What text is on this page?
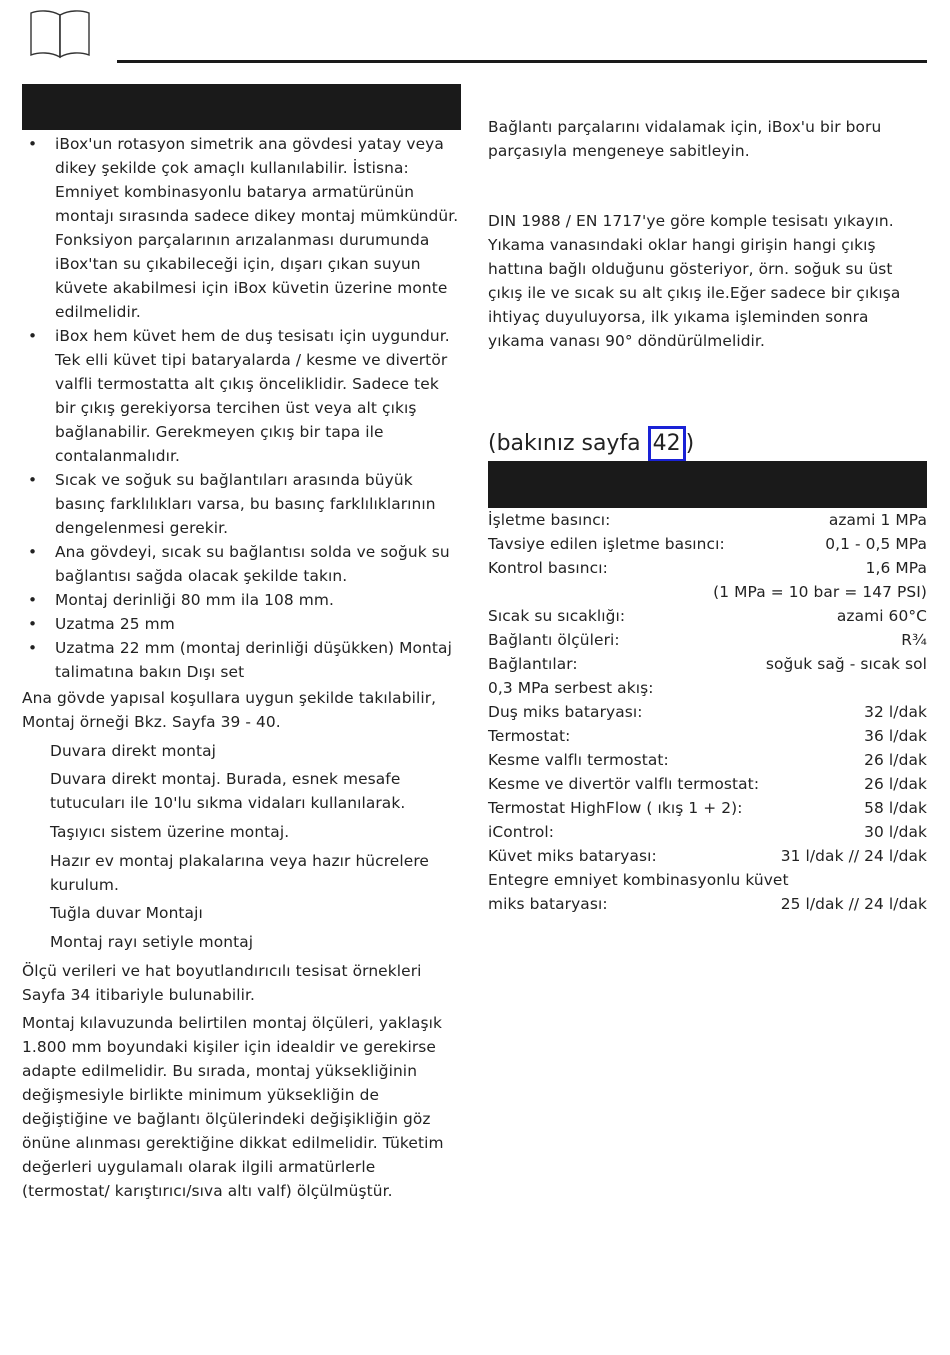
• iBox'un rotasyon simetrik ana gövdesi yatay veya dikey şekilde çok amaçlı kullanılabilir. İstisna: Emniyet kombinasyonlu batarya armatürünün montajı sırasında sadece dikey montaj mümkündür. Fonksiyon parçalarının arızalanması durumunda iBox'tan su çıkabileceği için, dışarı çıkan suyun küvete akabilmesi için iBox küvetin üzerine monte edilmelidir.
• iBox hem küvet hem de duş tesisatı için uygundur. Tek elli küvet tipi bataryalarda / kesme ve divertör valfli termostatta alt çıkış önceliklidir. Sadece tek bir çıkış gerekiyorsa tercihen üst veya alt çıkış bağlanabilir. Gerekmeyen çıkış bir tapa ile contalanmalıdır.
• Sıcak ve soğuk su bağlantıları arasında büyük basınç farklılıkları varsa, bu basınç farklılıklarının dengelenmesi gerekir.
• Ana gövdeyi, sıcak su bağlantısı solda ve soğuk su bağlantısı sağda olacak şekilde takın.
• Montaj derinliği 80 mm ila 108 mm.
• Uzatma 25 mm
• Uzatma 22 mm (montaj derinliği düşükken) Montaj talimatına bakın Dışı set

Ana gövde yapısal koşullara uygun şekilde takılabilir, Montaj örneği Bkz. Sayfa 39 - 40.

Duvara direkt montaj

Duvara direkt montaj. Burada, esnek mesafe tutucuları ile 10'lu sıkma vidaları kullanılarak.

Taşıyıcı sistem üzerine montaj.

Hazır ev montaj plakalarına veya hazır hücrelere kurulum.

Tuğla duvar Montajı

Montaj rayı setiyle montaj

Ölçü verileri ve hat boyutlandırıcılı tesisat örnekleri Sayfa 34 itibariyle bulunabilir.

Montaj kılavuzunda belirtilen montaj ölçüleri, yaklaşık 1.800 mm boyundaki kişiler için idealdir ve gerekirse adapte edilmelidir. Bu sırada, montaj yüksekliğinin değişmesiyle birlikte minimum yüksekliğin de değiştiğine ve bağlantı ölçülerindeki değişikliğin göz önüne alınması gerektiğine dikkat edilmelidir. Tüketim değerleri uygulamalı olarak ilgili armatürlerle (termostat/ karıştırıcı/sıva altı valf) ölçülmüştür.

Bağlantı parçalarını vidalamak için, iBox'u bir boru parçasıyla mengeneye sabitleyin.

DIN 1988 / EN 1717'ye göre komple tesisatı yıkayın. Yıkama vanasındaki oklar hangi girişin hangi çıkış hattına bağlı olduğunu gösteriyor, örn. soğuk su üst çıkış ile ve sıcak su alt çıkış ile.Eğer sadece bir çıkışa ihtiyaç duyuluyorsa, ilk yıkama işleminden sonra yıkama vanası 90° döndürülmelidir.

(bakınız sayfa 42 )
İşletme basıncı:	azami 1 MPa
Tavsiye edilen işletme basıncı:	0,1 - 0,5 MPa
Kontrol basıncı:	1,6 MPa
(1 MPa = 10 bar = 147 PSI)
Sıcak su sıcaklığı:	azami 60°C
Bağlantı ölçüleri:	R¾
Bağlantılar:	soğuk sağ - sıcak sol
0,3 MPa serbest akış:
Duş miks bataryası:	32 l/dak
Termostat:	36 l/dak
Kesme valflı termostat:	26 l/dak
Kesme ve divertör valflı termostat:	26 l/dak
Termostat HighFlow ( ıkış 1 + 2):	58 l/dak
iControl:	30 l/dak
Küvet miks bataryası:	31 l/dak // 24 l/dak
Entegre emniyet kombinasyonlu küvet
miks bataryası:	25 l/dak // 24 l/dak
